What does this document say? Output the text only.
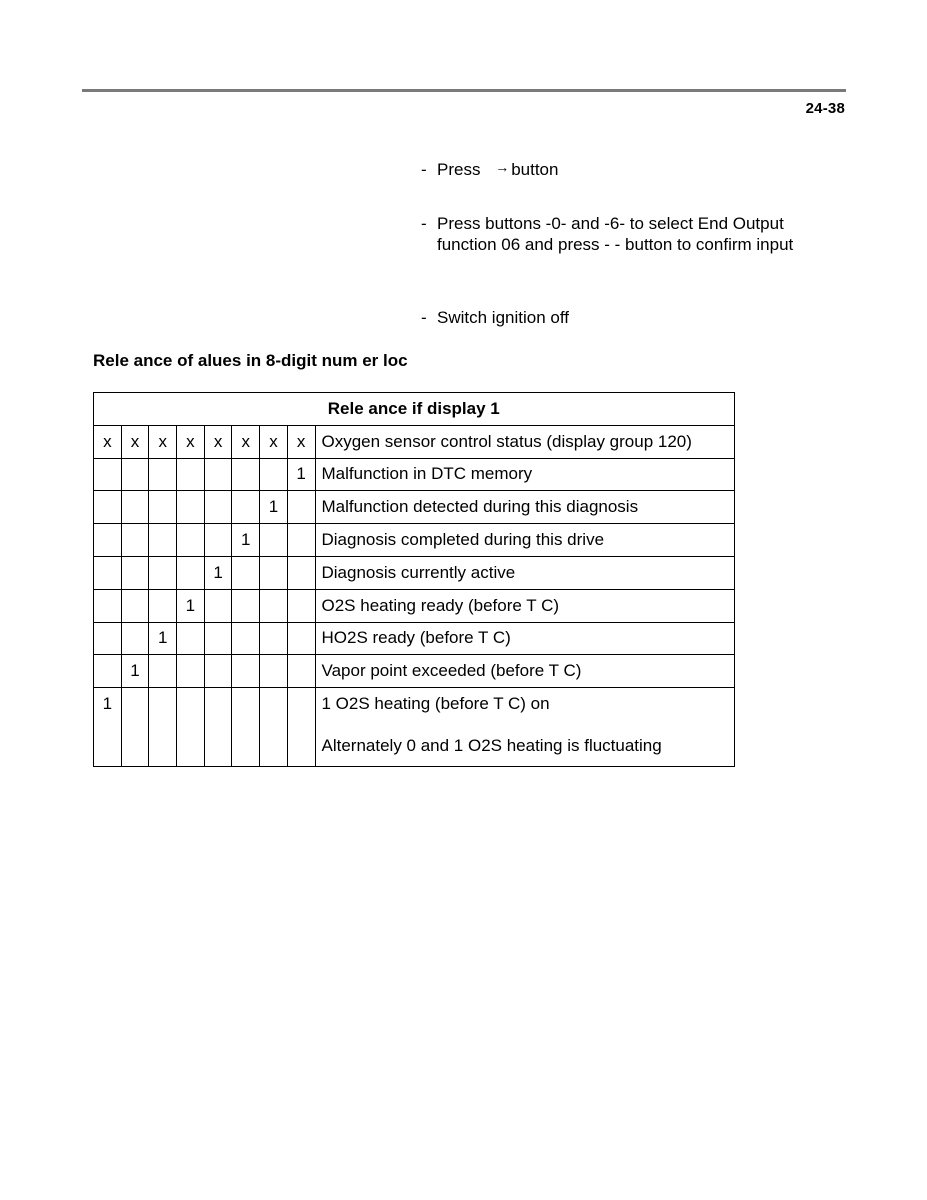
24-38
- Press → button
- Press buttons -0- and -6- to select End Output function 06 and press - - button to confirm input
- Switch ignition off
Rele ance of alues in 8-digit num er loc
Rele ance if display 1								
x	x	x	x	x	x	x	x	Oxygen sensor control status (display group 120)
							1	Malfunction in DTC memory
						1		Malfunction detected during this diagnosis
					1			Diagnosis completed during this drive
				1				Diagnosis currently active
			1					O2S heating ready (before T C)
		1						HO2S ready (before T C)
	1							Vapor point exceeded (before T C)
1								1 O2S heating (before T C) on
Alternately 0 and 1 O2S heating is fluctuating
